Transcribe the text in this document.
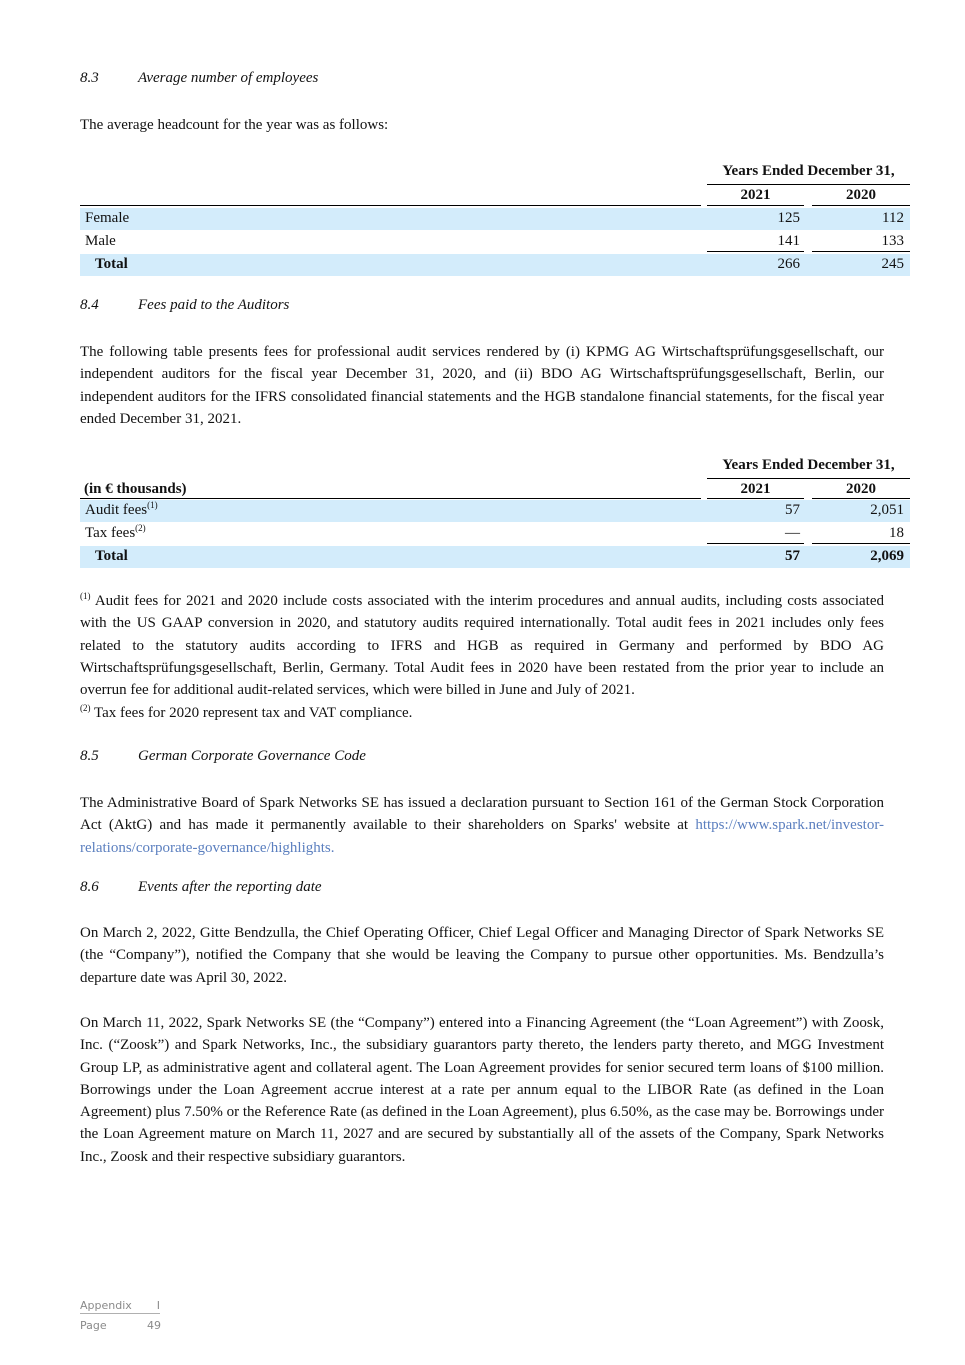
8.3	Average number of employees
The average headcount for the year was as follows:
Years Ended December 31,
2021	2020
Female	125	112
Male	141	133
Total	266	245
8.4	Fees paid to the Auditors
The following table presents fees for professional audit services rendered by (i) KPMG AG Wirtschaftsprüfungsgesellschaft, our independent auditors for the fiscal year December 31, 2020, and (ii) BDO AG Wirtschaftsprüfungsgesellschaft, Berlin, our independent auditors for the IFRS consolidated financial statements and the HGB standalone financial statements, for the fiscal year ended December 31, 2021.
Years Ended December 31,
(in € thousands)	2021	2020
Audit fees$^{(1)}$	57	2,051
Tax fees$^{(2)}$	—	18
Total	57	2,069
$^{(1)}$ Audit fees for 2021 and 2020 include costs associated with the interim procedures and annual audits, including costs associated with the US GAAP conversion in 2020, and statutory audits required internationally. Total audit fees in 2021 includes only fees related to the statutory audits according to IFRS and HGB as required in Germany and performed by BDO AG Wirtschaftsprüfungsgesellschaft, Berlin, Germany. Total Audit fees in 2020 have been restated from the prior year to include an overrun fee for additional audit-related services, which were billed in June and July of 2021.
$^{(2)}$ Tax fees for 2020 represent tax and VAT compliance.
8.5	German Corporate Governance Code
The Administrative Board of Spark Networks SE has issued a declaration pursuant to Section 161 of the German Stock Corporation Act (AktG) and has made it permanently available to their shareholders on Sparks' website at https://www.spark.net/investor-relations/corporate-governance/highlights.
8.6	Events after the reporting date
On March 2, 2022, Gitte Bendzulla, the Chief Operating Officer, Chief Legal Officer and Managing Director of Spark Networks SE (the “Company”), notified the Company that she would be leaving the Company to pursue other opportunities. Ms. Bendzulla’s departure date was April 30, 2022.
On March 11, 2022, Spark Networks SE (the “Company”) entered into a Financing Agreement (the “Loan Agreement”) with Zoosk, Inc. (“Zoosk”) and Spark Networks, Inc., the subsidiary guarantors party thereto, the lenders party thereto, and MGG Investment Group LP, as administrative agent and collateral agent. The Loan Agreement provides for senior secured term loans of $100 million. Borrowings under the Loan Agreement accrue interest at a rate per annum equal to the LIBOR Rate (as defined in the Loan Agreement) plus 7.50% or the Reference Rate (as defined in the Loan Agreement), plus 6.50%, as the case may be. Borrowings under the Loan Agreement mature on March 11, 2027 and are secured by substantially all of the assets of the Company, Spark Networks Inc., Zoosk and their respective subsidiary guarantors.
Appendix I
Page	49
